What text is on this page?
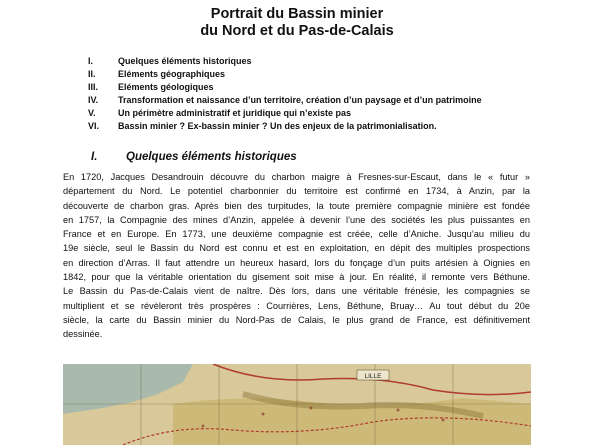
Portrait du Bassin minier
du Nord et du Pas-de-Calais
I.	Quelques éléments historiques
II.	Eléments géographiques
III.	Eléments géologiques
IV.	Transformation et naissance d’un territoire, création d’un paysage et d’un patrimoine
V.	Un périmètre administratif et juridique qui n’existe pas
VI.	Bassin minier ? Ex-bassin minier ? Un des enjeux de la patrimonialisation.
I. Quelques éléments historiques
En 1720, Jacques Desandrouin découvre du charbon maigre à Fresnes-sur-Escaut, dans le « futur »
département du Nord. Le potentiel charbonnier du territoire est confirmé en 1734, à Anzin, par la
découverte de charbon gras. Après bien des turpitudes, la toute première compagnie minière est fondée
en 1757, la Compagnie des mines d’Anzin, appelée à devenir l’une des sociétés les plus puissantes en
France et en Europe. En 1773, une deuxième compagnie est créée, celle d’Aniche. Jusqu’au milieu du
19e siècle, seul le Bassin du Nord est connu et est en exploitation, en dépit des multiples prospections
en direction d’Arras. Il faut attendre un heureux hasard, lors du fonçage d’un puits artésien à Oignies en
1842, pour que la véritable orientation du gisement soit mise à jour. En réalité, il remonte vers Béthune.
Le Bassin du Pas-de-Calais vient de naître. Dès lors, dans une véritable frénésie, les compagnies se
multiplient et se révèleront très prospères : Courrières, Lens, Béthune, Bruay… Au tout début du 20e
siècle, la carte du Bassin minier du Nord-Pas de Calais, le plus grand de France, est définitivement
dessinée.
LILLE
